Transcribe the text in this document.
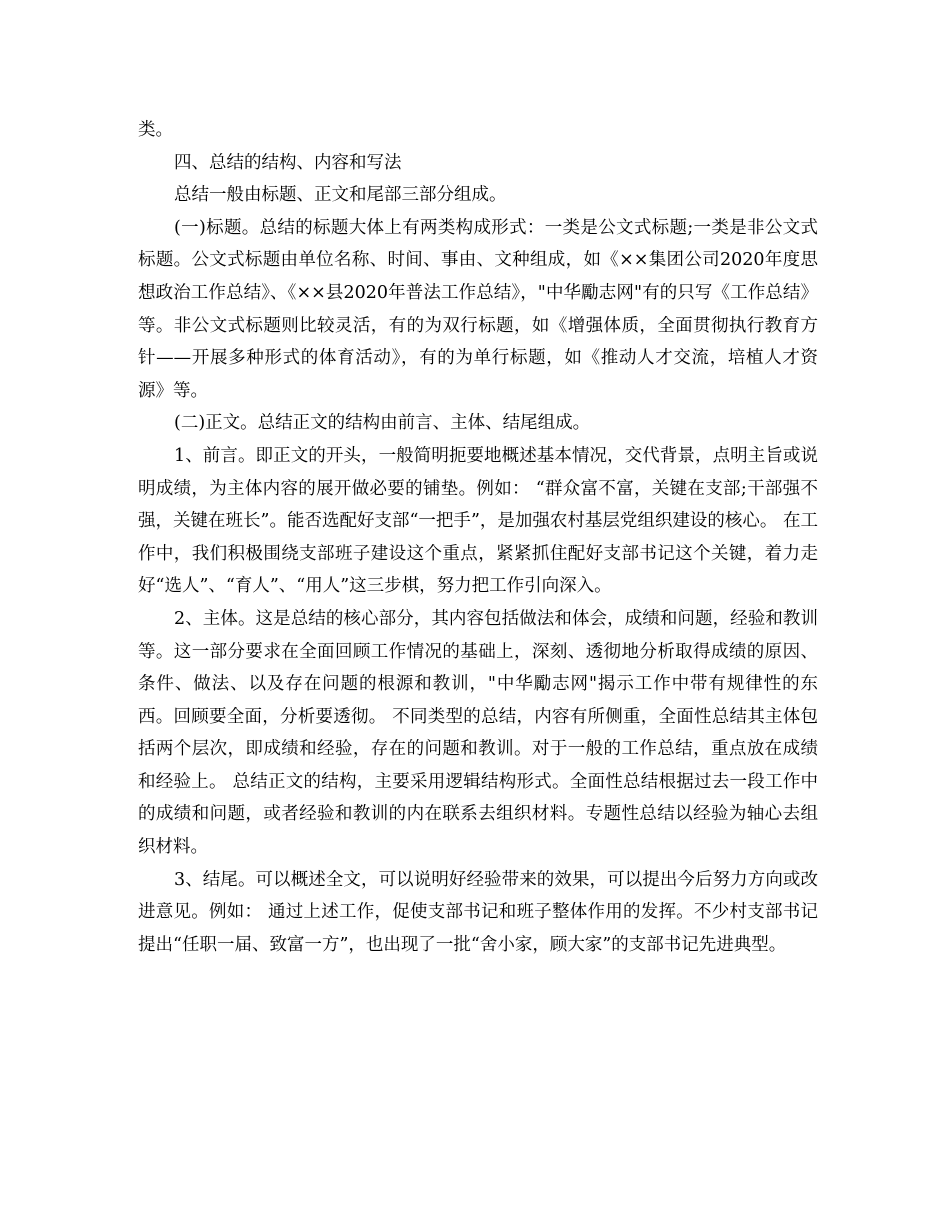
类。

四、总结的结构、内容和写法

总结一般由标题、正文和尾部三部分组成。

(一)标题。总结的标题大体上有两类构成形式：一类是公文式标题;一类是非公文式标题。公文式标题由单位名称、时间、事由、文种组成，如《××集团公司2020年度思想政治工作总结》、《××县2020年普法工作总结》，"中华勵志网"有的只写《工作总结》等。非公文式标题则比较灵活，有的为双行标题，如《增强体质，全面贯彻执行教育方针——开展多种形式的体育活动》，有的为单行标题，如《推动人才交流，培植人才资源》等。

(二)正文。总结正文的结构由前言、主体、结尾组成。

1、前言。即正文的开头，一般简明扼要地概述基本情况，交代背景，点明主旨或说明成绩，为主体内容的展开做必要的铺垫。例如： “群众富不富，关键在支部;干部强不强，关键在班长”。能否选配好支部“一把手”，是加强农村基层党组织建设的核心。 在工作中，我们积极围绕支部班子建设这个重点，紧紧抓住配好支部书记这个关键，着力走好“选人”、“育人”、“用人”这三步棋，努力把工作引向深入。

2、主体。这是总结的核心部分，其内容包括做法和体会，成绩和问题，经验和教训等。这一部分要求在全面回顾工作情况的基础上，深刻、透彻地分析取得成绩的原因、条件、做法、以及存在问题的根源和教训，"中华勵志网"揭示工作中带有规律性的东西。回顾要全面，分析要透彻。 不同类型的总结，内容有所侧重，全面性总结其主体包括两个层次，即成绩和经验，存在的问题和教训。对于一般的工作总结，重点放在成绩和经验上。 总结正文的结构，主要采用逻辑结构形式。全面性总结根据过去一段工作中的成绩和问题，或者经验和教训的内在联系去组织材料。专题性总结以经验为轴心去组织材料。

3、结尾。可以概述全文，可以说明好经验带来的效果，可以提出今后努力方向或改进意见。例如： 通过上述工作，促使支部书记和班子整体作用的发挥。不少村支部书记提出“任职一届、致富一方”，也出现了一批“舍小家，顾大家”的支部书记先进典型。
